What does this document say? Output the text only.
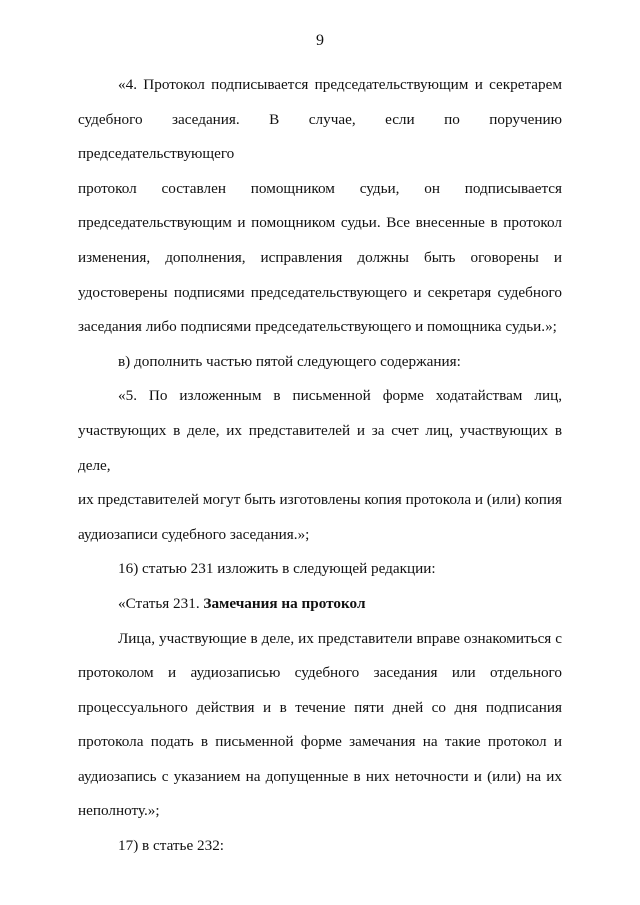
9

«4. Протокол подписывается председательствующим и секретарем
судебного заседания. В случае, если по поручению председательствующего
протокол составлен помощником судьи, он подписывается
председательствующим и помощником судьи. Все внесенные в протокол
изменения, дополнения, исправления должны быть оговорены и
удостоверены подписями председательствующего и секретаря судебного
заседания либо подписями председательствующего и помощника судьи.»;

в) дополнить частью пятой следующего содержания:

«5. По изложенным в письменной форме ходатайствам лиц,
участвующих в деле, их представителей и за счет лиц, участвующих в деле,
их представителей могут быть изготовлены копия протокола и (или) копия
аудиозаписи судебного заседания.»;

16) статью 231 изложить в следующей редакции:

«Статья 231. Замечания на протокол

Лица, участвующие в деле, их представители вправе ознакомиться с
протоколом и аудиозаписью судебного заседания или отдельного
процессуального действия и в течение пяти дней со дня подписания
протокола подать в письменной форме замечания на такие протокол и
аудиозапись с указанием на допущенные в них неточности и (или) на их
неполноту.»;

17) в статье 232:
